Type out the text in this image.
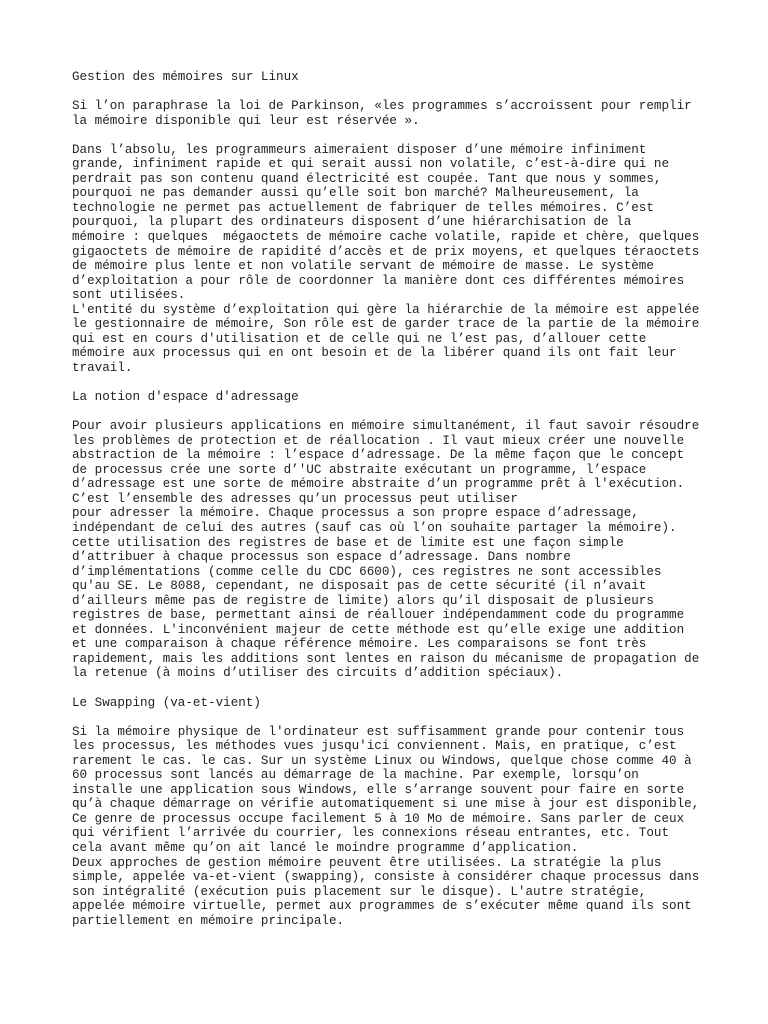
Gestion des mémoires sur Linux
Si l’on paraphrase la loi de Parkinson, «les programmes s’accroissent pour remplir
la mémoire disponible qui leur est réservée ».
Dans l’absolu, les programmeurs aimeraient disposer d’une mémoire infiniment
grande, infiniment rapide et qui serait aussi non volatile, c’est-à-dire qui ne
perdrait pas son contenu quand électricité est coupée. Tant que nous y sommes,
pourquoi ne pas demander aussi qu’elle soit bon marché? Malheureusement, la
technologie ne permet pas actuellement de fabriquer de telles mémoires. C’est
pourquoi, la plupart des ordinateurs disposent d’une hiérarchisation de la
mémoire : quelques  mégaoctets de mémoire cache volatile, rapide et chère, quelques
gigaoctets de mémoire de rapidité d’accès et de prix moyens, et quelques téraoctets
de mémoire plus lente et non volatile servant de mémoire de masse. Le système
d’exploitation a pour rôle de coordonner la manière dont ces différentes mémoires
sont utilisées.
L'entité du système d’exploitation qui gère la hiérarchie de la mémoire est appelée
le gestionnaire de mémoire, Son rôle est de garder trace de la partie de la mémoire
qui est en cours d'utilisation et de celle qui ne l’est pas, d’allouer cette
mémoire aux processus qui en ont besoin et de la libérer quand ils ont fait leur
travail.
La notion d'espace d'adressage
Pour avoir plusieurs applications en mémoire simultanément, il faut savoir résoudre
les problèmes de protection et de réallocation . Il vaut mieux créer une nouvelle
abstraction de la mémoire : l’espace d’adressage. De la même façon que le concept
de processus crée une sorte d’'UC abstraite exécutant un programme, l’espace
d’adressage est une sorte de mémoire abstraite d’un programme prêt à l'exécution.
C’est l’ensemble des adresses qu’un processus peut utiliser
pour adresser la mémoire. Chaque processus a son propre espace d’adressage,
indépendant de celui des autres (sauf cas où l’on souhaite partager la mémoire).
cette utilisation des registres de base et de limite est une façon simple
d’attribuer à chaque processus son espace d’adressage. Dans nombre
d’implémentations (comme celle du CDC 6600), ces registres ne sont accessibles
qu'au SE. Le 8088, cependant, ne disposait pas de cette sécurité (il n’avait
d’ailleurs même pas de registre de limite) alors qu’il disposait de plusieurs
registres de base, permettant ainsi de réallouer indépendamment code du programme
et données. L'inconvénient majeur de cette méthode est qu’elle exige une addition
et une comparaison à chaque référence mémoire. Les comparaisons se font très
rapidement, mais les additions sont lentes en raison du mécanisme de propagation de
la retenue (à moins d’utiliser des circuits d’addition spéciaux).
Le Swapping (va-et-vient)
Si la mémoire physique de l'ordinateur est suffisamment grande pour contenir tous
les processus, les méthodes vues jusqu'ici conviennent. Mais, en pratique, c’est
rarement le cas. le cas. Sur un système Linux ou Windows, quelque chose comme 40 à
60 processus sont lancés au démarrage de la machine. Par exemple, lorsqu’on
installe une application sous Windows, elle s’arrange souvent pour faire en sorte
qu’à chaque démarrage on vérifie automatiquement si une mise à jour est disponible,
Ce genre de processus occupe facilement 5 à 10 Mo de mémoire. Sans parler de ceux
qui vérifient l’arrivée du courrier, les connexions réseau entrantes, etc. Tout
cela avant même qu’on ait lancé le moindre programme d’application.
Deux approches de gestion mémoire peuvent être utilisées. La stratégie la plus
simple, appelée va-et-vient (swapping), consiste à considérer chaque processus dans
son intégralité (exécution puis placement sur le disque). L'autre stratégie,
appelée mémoire virtuelle, permet aux programmes de s’exécuter même quand ils sont
partiellement en mémoire principale.
